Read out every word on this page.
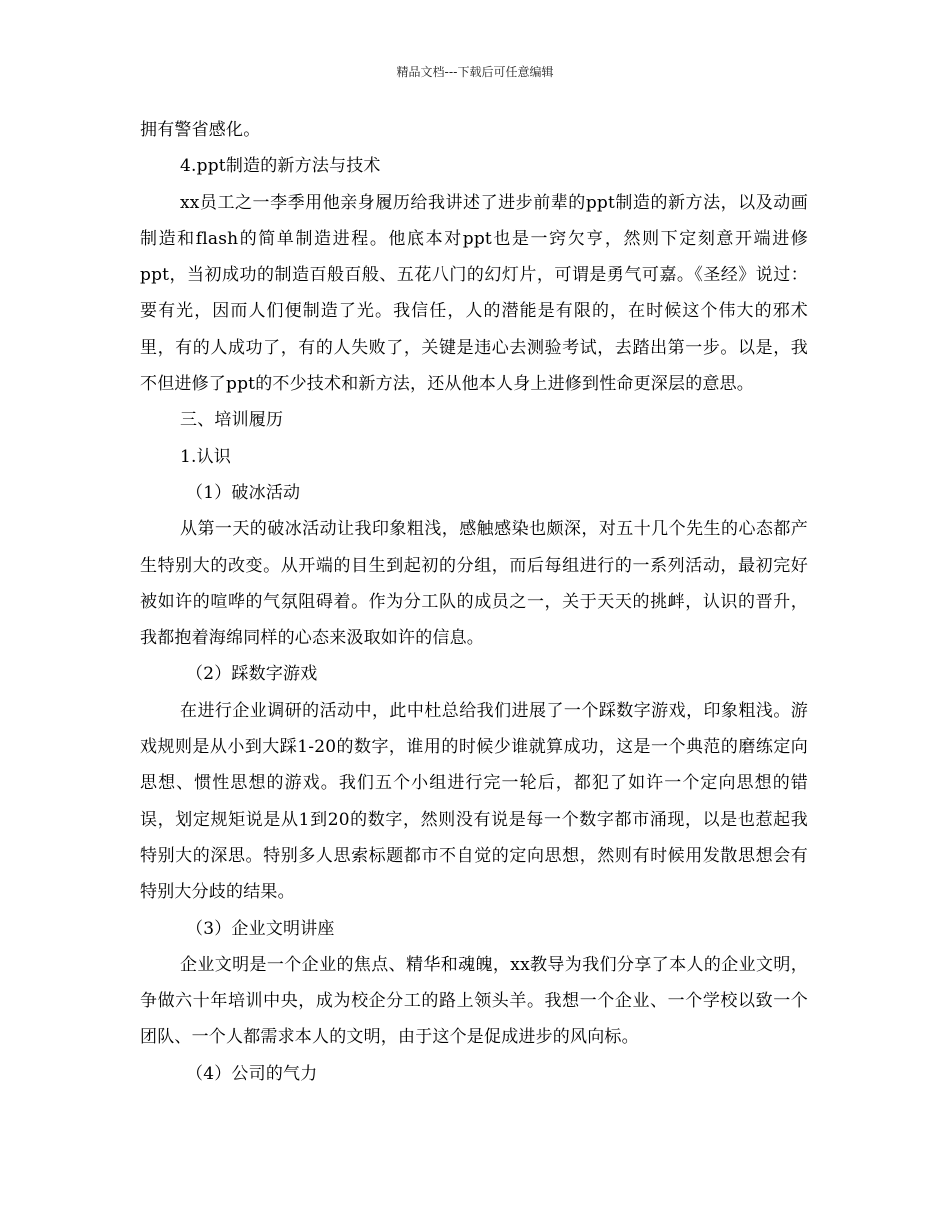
精品文档---下载后可任意编辑

拥有警省感化。

4.ppt制造的新方法与技术

xx员工之一李季用他亲身履历给我讲述了进步前辈的ppt制造的新方法，以及动画制造和flash的简单制造进程。他底本对ppt也是一窍欠亨，然则下定刻意开端进修ppt，当初成功的制造百般百般、五花八门的幻灯片，可谓是勇气可嘉。《圣经》说过：要有光，因而人们便制造了光。我信任，人的潜能是有限的，在时候这个伟大的邪术里，有的人成功了，有的人失败了，关键是违心去测验考试，去踏出第一步。以是，我不但进修了ppt的不少技术和新方法，还从他本人身上进修到性命更深层的意思。

三、培训履历

1.认识

（1）破冰活动

从第一天的破冰活动让我印象粗浅，感触感染也颇深，对五十几个先生的心态都产生特别大的改变。从开端的目生到起初的分组，而后每组进行的一系列活动，最初完好被如许的喧哗的气氛阻碍着。作为分工队的成员之一，关于天天的挑衅，认识的晋升，我都抱着海绵同样的心态来汲取如许的信息。

（2）踩数字游戏

在进行企业调研的活动中，此中杜总给我们进展了一个踩数字游戏，印象粗浅。游戏规则是从小到大踩1-20的数字，谁用的时候少谁就算成功，这是一个典范的磨练定向思想、惯性思想的游戏。我们五个小组进行完一轮后，都犯了如许一个定向思想的错误，划定规矩说是从1到20的数字，然则没有说是每一个数字都市涌现，以是也惹起我特别大的深思。特别多人思索标题都市不自觉的定向思想，然则有时候用发散思想会有特别大分歧的结果。

（3）企业文明讲座

企业文明是一个企业的焦点、精华和魂魄，xx教导为我们分享了本人的企业文明，争做六十年培训中央，成为校企分工的路上领头羊。我想一个企业、一个学校以致一个团队、一个人都需求本人的文明，由于这个是促成进步的风向标。

（4）公司的气力
